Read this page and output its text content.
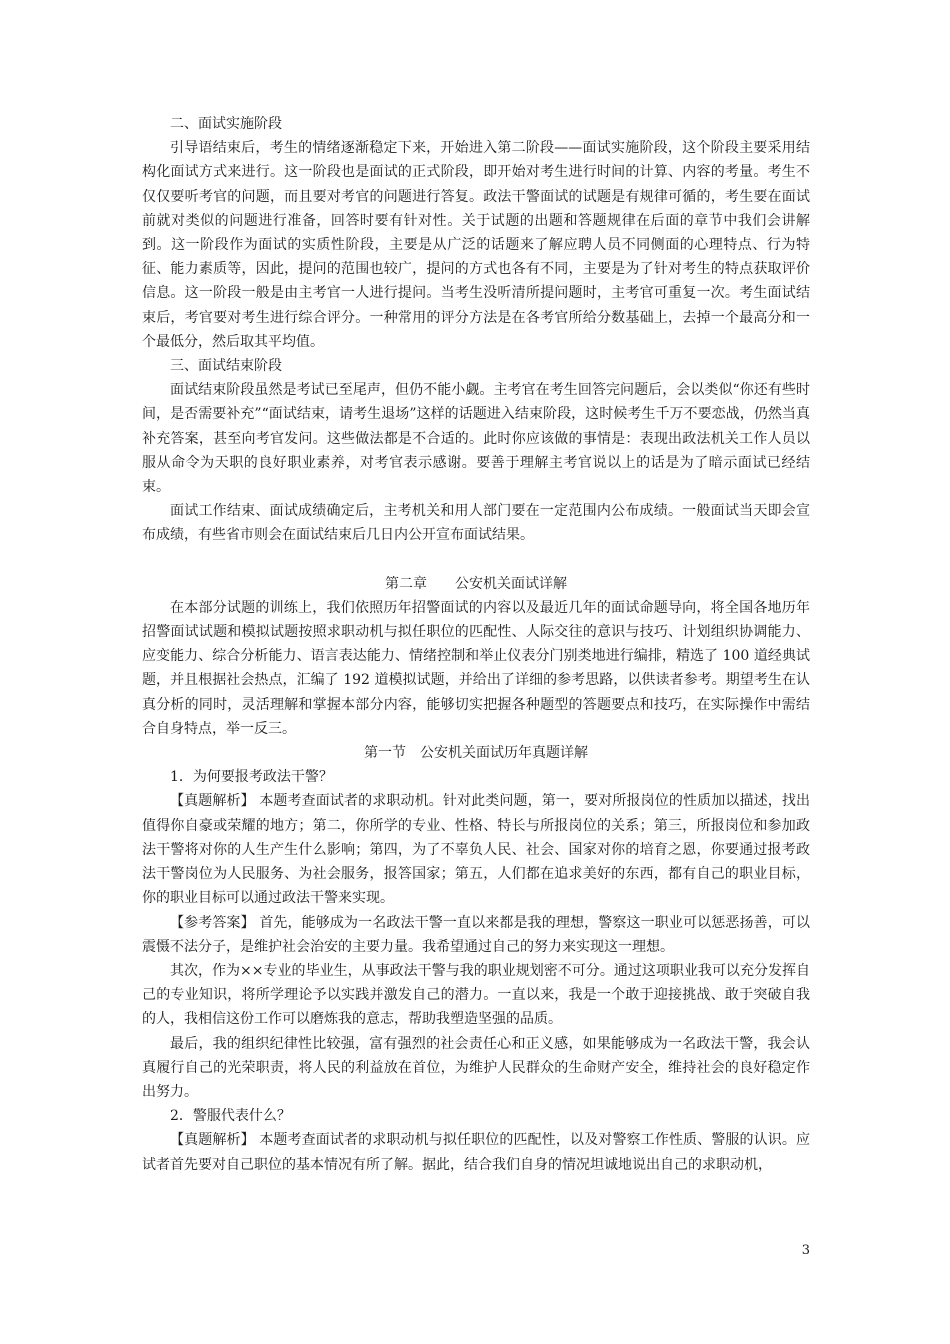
二、面试实施阶段

引导语结束后，考生的情绪逐渐稳定下来，开始进入第二阶段——面试实施阶段，这个阶段主要采用结构化面试方式来进行。这一阶段也是面试的正式阶段，即开始对考生进行时间的计算、内容的考量。考生不仅仅要听考官的问题，而且要对考官的问题进行答复。政法干警面试的试题是有规律可循的，考生要在面试前就对类似的问题进行准备，回答时要有针对性。关于试题的出题和答题规律在后面的章节中我们会讲解到。这一阶段作为面试的实质性阶段，主要是从广泛的话题来了解应聘人员不同侧面的心理特点、行为特征、能力素质等，因此，提问的范围也较广，提问的方式也各有不同，主要是为了针对考生的特点获取评价信息。这一阶段一般是由主考官一人进行提问。当考生没听清所提问题时，主考官可重复一次。考生面试结束后，考官要对考生进行综合评分。一种常用的评分方法是在各考官所给分数基础上，去掉一个最高分和一个最低分，然后取其平均值。

三、面试结束阶段

面试结束阶段虽然是考试已至尾声，但仍不能小觑。主考官在考生回答完问题后，会以类似“你还有些时间，是否需要补充”“面试结束，请考生退场”这样的话题进入结束阶段，这时候考生千万不要恋战，仍然当真补充答案，甚至向考官发问。这些做法都是不合适的。此时你应该做的事情是：表现出政法机关工作人员以服从命令为天职的良好职业素养，对考官表示感谢。要善于理解主考官说以上的话是为了暗示面试已经结束。

面试工作结束、面试成绩确定后，主考机关和用人部门要在一定范围内公布成绩。一般面试当天即会宣布成绩，有些省市则会在面试结束后几日内公开宣布面试结果。

第二章　　公安机关面试详解

在本部分试题的训练上，我们依照历年招警面试的内容以及最近几年的面试命题导向，将全国各地历年招警面试试题和模拟试题按照求职动机与拟任职位的匹配性、人际交往的意识与技巧、计划组织协调能力、应变能力、综合分析能力、语言表达能力、情绪控制和举止仪表分门别类地进行编排，精选了 100 道经典试题，并且根据社会热点，汇编了 192 道模拟试题，并给出了详细的参考思路，以供读者参考。期望考生在认真分析的同时，灵活理解和掌握本部分内容，能够切实把握各种题型的答题要点和技巧，在实际操作中需结合自身特点，举一反三。

第一节　公安机关面试历年真题详解

1．为何要报考政法干警？

【真题解析】 本题考查面试者的求职动机。针对此类问题，第一，要对所报岗位的性质加以描述，找出值得你自豪或荣耀的地方；第二，你所学的专业、性格、特长与所报岗位的关系；第三，所报岗位和参加政法干警将对你的人生产生什么影响；第四，为了不辜负人民、社会、国家对你的培育之恩，你要通过报考政法干警岗位为人民服务、为社会服务，报答国家；第五，人们都在追求美好的东西，都有自己的职业目标，你的职业目标可以通过政法干警来实现。

【参考答案】 首先，能够成为一名政法干警一直以来都是我的理想，警察这一职业可以惩恶扬善，可以震慑不法分子，是维护社会治安的主要力量。我希望通过自己的努力来实现这一理想。

其次，作为××专业的毕业生，从事政法干警与我的职业规划密不可分。通过这项职业我可以充分发挥自己的专业知识，将所学理论予以实践并激发自己的潜力。一直以来，我是一个敢于迎接挑战、敢于突破自我的人，我相信这份工作可以磨炼我的意志，帮助我塑造坚强的品质。

最后，我的组织纪律性比较强，富有强烈的社会责任心和正义感，如果能够成为一名政法干警，我会认真履行自己的光荣职责，将人民的利益放在首位，为维护人民群众的生命财产安全，维持社会的良好稳定作出努力。

2．警服代表什么？

【真题解析】 本题考查面试者的求职动机与拟任职位的匹配性，以及对警察工作性质、警服的认识。应试者首先要对自己职位的基本情况有所了解。据此，结合我们自身的情况坦诚地说出自己的求职动机，

3
